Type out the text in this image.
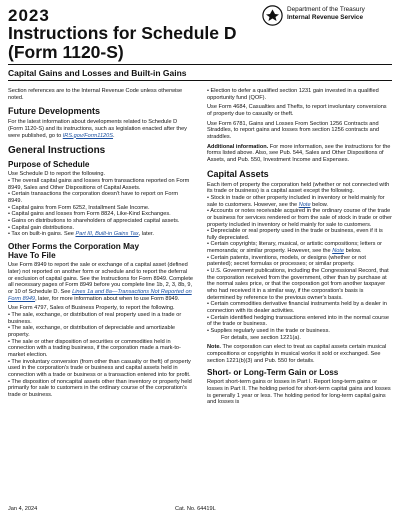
2023
Instructions for Schedule D
(Form 1120-S)
Capital Gains and Losses and Built-in Gains
Department of the Treasury
Internal Revenue Service

Section references are to the Internal Revenue Code unless otherwise noted.

Future Developments

For the latest information about developments related to Schedule D (Form 1120-S) and its instructions, such as legislation enacted after they were published, go to IRS.gov/Form1120S.

General Instructions
Purpose of Schedule

Use Schedule D to report the following.

• The overall capital gains and losses from transactions reported on Form 8949, Sales and Other Dispositions of Capital Assets.
• Certain transactions the corporation doesn't have to report on Form 8949.
• Capital gains from Form 6252, Installment Sale Income.
• Capital gains and losses from Form 8824, Like-Kind Exchanges.
• Gains on distributions to shareholders of appreciated capital assets.
• Capital gain distributions.
• Tax on built-in gains. See Part III, Built-in Gains Tax, later.
Other Forms the Corporation May
Have To File

Use Form 8949 to report the sale or exchange of a capital asset (defined later) not reported on another form or schedule and to report the deferral or exclusion of capital gains. See the Instructions for Form 8949. Complete all necessary pages of Form 8949 before you complete line 1b, 2, 3, 8b, 9, or 10 of Schedule D. See Lines 1a and 8a—Transactions Not Reported on Form 8949, later, for more information about when to use Form 8949.

Use Form 4797, Sales of Business Property, to report the following.

• The sale, exchange, or distribution of real property used in a trade or business.
• The sale, exchange, or distribution of depreciable and amortizable property.
• The sale or other disposition of securities or commodities held in connection with a trading business, if the corporation made a mark-to-market election.
• The involuntary conversion (from other than casualty or theft) of property used in the corporation's trade or business and capital assets held in connection with a trade or business or a transaction entered into for profit.
• The disposition of noncapital assets other than inventory or property held primarily for sale to customers in the ordinary course of the corporation's trade or business.

• Election to defer a qualified section 1231 gain invested in a qualified opportunity fund (QOF).

Use Form 4684, Casualties and Thefts, to report involuntary conversions of property due to casualty or theft.

Use Form 6781, Gains and Losses From Section 1256 Contracts and Straddles, to report gains and losses from section 1256 contracts and straddles.

Additional information. For more information, see the instructions for the forms listed above. Also, see Pub. 544, Sales and Other Dispositions of Assets, and Pub. 550, Investment Income and Expenses.

Capital Assets

Each item of property the corporation held (whether or not connected with its trade or business) is a capital asset except the following.

• Stock in trade or other property included in inventory or held mainly for sale to customers. However, see the Note below.
• Accounts or notes receivable acquired in the ordinary course of the trade or business for services rendered or from the sale of stock in trade or other property included in inventory or held mainly for sale to customers.
• Depreciable or real property used in the trade or business, even if it is fully depreciated.
• Certain copyrights; literary, musical, or artistic compositions; letters or memoranda; or similar property. However, see the Note below.
• Certain patents, inventions, models, or designs (whether or not patented); secret formulas or processes; or similar property.
• U.S. Government publications, including the Congressional Record, that the corporation received from the government, other than by purchase at the normal sales price, or that the corporation got from another taxpayer who had received it in a similar way, if the corporation's basis is determined by reference to the previous owner's basis.
• Certain commodities derivative financial instruments held by a dealer in connection with its dealer activities.
• Certain identified hedging transactions entered into in the normal course of the trade or business.
• Supplies regularly used in the trade or business.

For details, see section 1221(a).

Note. The corporation can elect to treat as capital assets certain musical compositions or copyrights in musical works it sold or exchanged. See section 1221(b)(3) and Pub. 550 for details.

Short- or Long-Term Gain or Loss

Report short-term gains or losses in Part I. Report long-term gains or losses in Part II. The holding period for short-term capital gains and losses is generally 1 year or less. The holding period for long-term capital gains and losses is

Jan 4, 2024	Cat. No. 64419L
